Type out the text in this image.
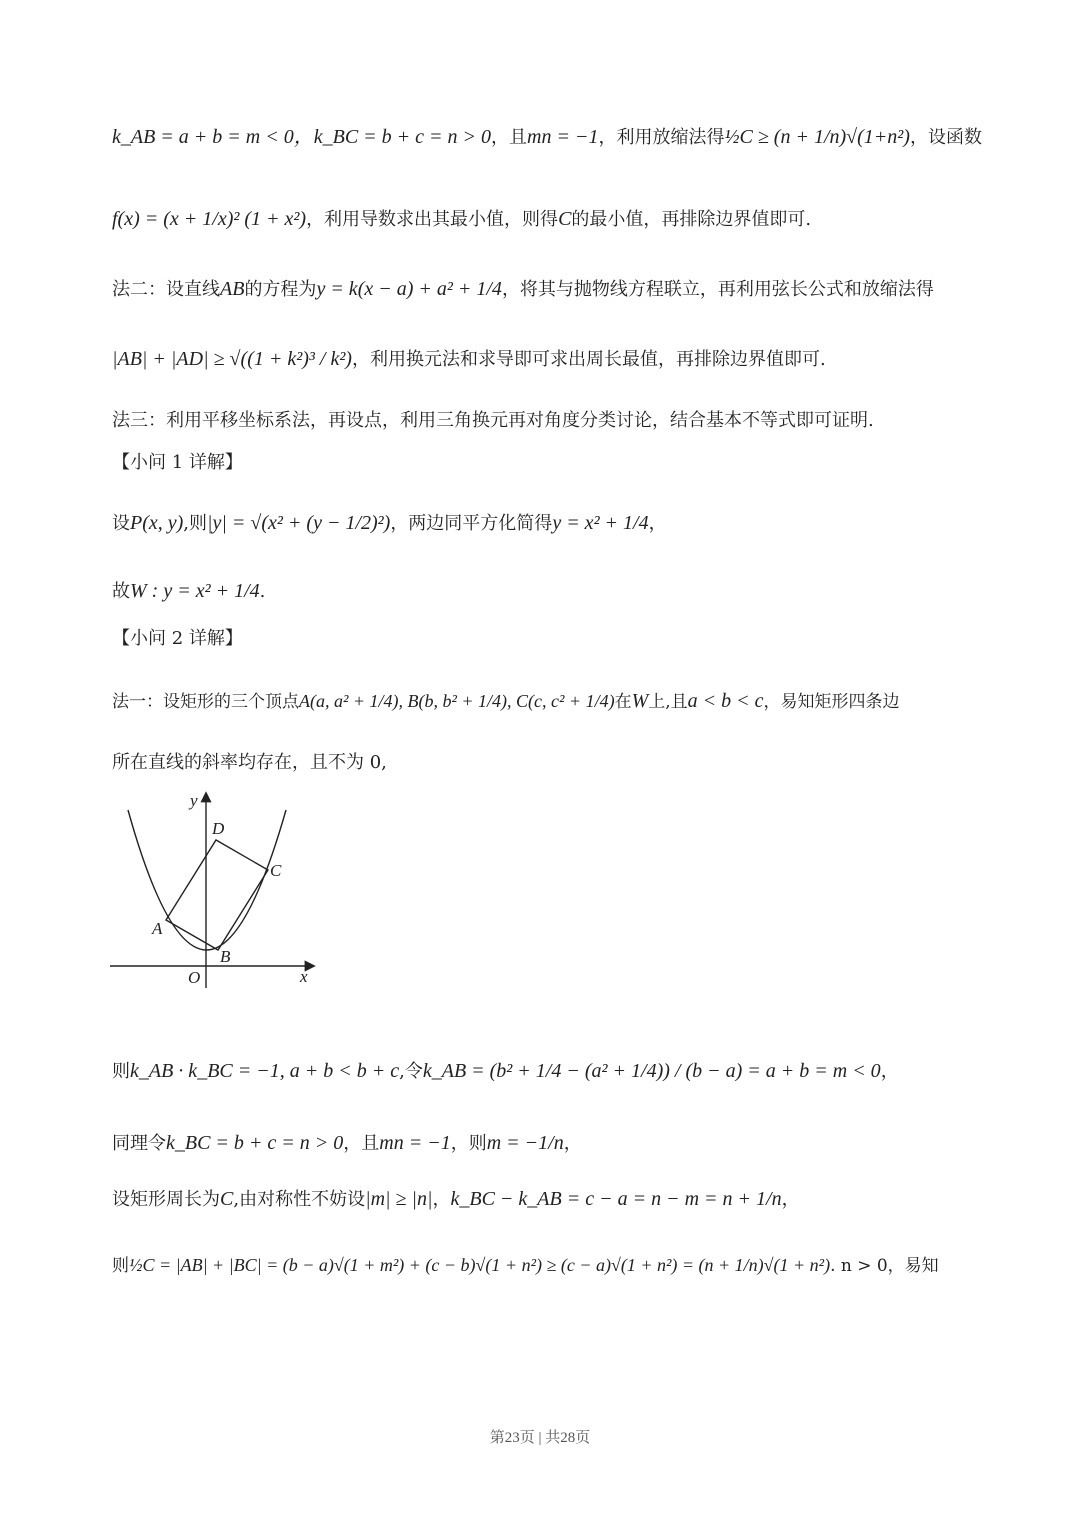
k_AB = a + b = m < 0，k_BC = b + c = n > 0，且mn = −1，利用放缩法得½C ≥ (n + 1/n)√(1+n²)，设函数
f(x) = (x + 1/x)² (1 + x²)，利用导数求出其最小值，则得C的最小值，再排除边界值即可.
法二：设直线AB的方程为y = k(x − a) + a² + 1/4，将其与抛物线方程联立，再利用弦长公式和放缩法得
|AB| + |AD| ≥ √((1 + k²)³ / k²)，利用换元法和求导即可求出周长最值，再排除边界值即可.
法三：利用平移坐标系法，再设点，利用三角换元再对角度分类讨论，结合基本不等式即可证明.
【小问 1 详解】
设P(x, y),则|y| = √(x² + (y − 1/2)²)，两边同平方化简得y = x² + 1/4，
故W : y = x² + 1/4.
【小问 2 详解】
法一：设矩形的三个顶点A(a, a² + 1/4), B(b, b² + 1/4), C(c, c² + 1/4)在W上,且a < b < c，易知矩形四条边
所在直线的斜率均存在，且不为 0,
y
x
O
A
B
C
D
则k_AB · k_BC = −1, a + b < b + c,令k_AB = (b² + 1/4 − (a² + 1/4)) / (b − a) = a + b = m < 0，
同理令k_BC = b + c = n > 0，且mn = −1，则m = −1/n，
设矩形周长为C,由对称性不妨设|m| ≥ |n|，k_BC − k_AB = c − a = n − m = n + 1/n，
则½C = |AB| + |BC| = (b − a)√(1 + m²) + (c − b)√(1 + n²) ≥ (c − a)√(1 + n²) = (n + 1/n)√(1 + n²). n > 0，易知
第23页 | 共28页
